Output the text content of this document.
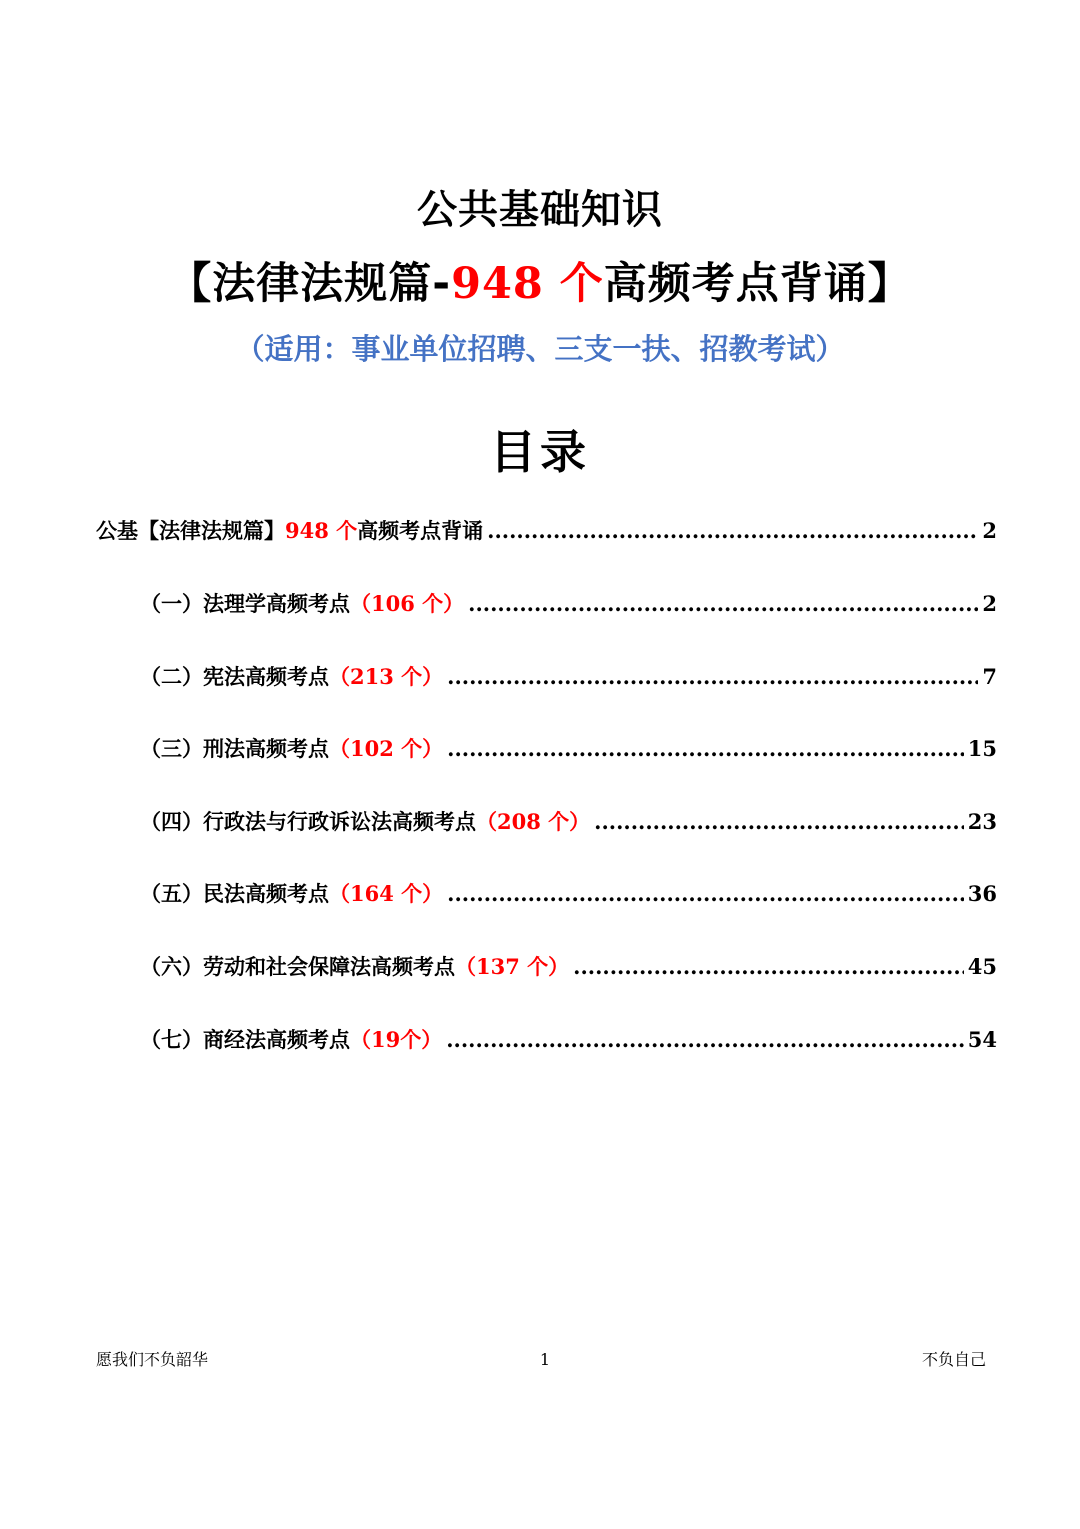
公共基础知识
【法律法规篇-948 个高频考点背诵】
（适用：事业单位招聘、三支一扶、招教考试）
目录
公基【法律法规篇】948 个高频考点背诵 .....	2
（一）法理学高频考点（106 个） .....	2
（二）宪法高频考点（213 个） .....	7
（三）刑法高频考点（102 个） .....	15
（四）行政法与行政诉讼法高频考点（208 个） .....	23
（五）民法高频考点（164 个） .....	36
（六）劳动和社会保障法高频考点（137 个） .....	45
（七）商经法高频考点（19个） .....	54
愿我们不负韶华	1	不负自己
